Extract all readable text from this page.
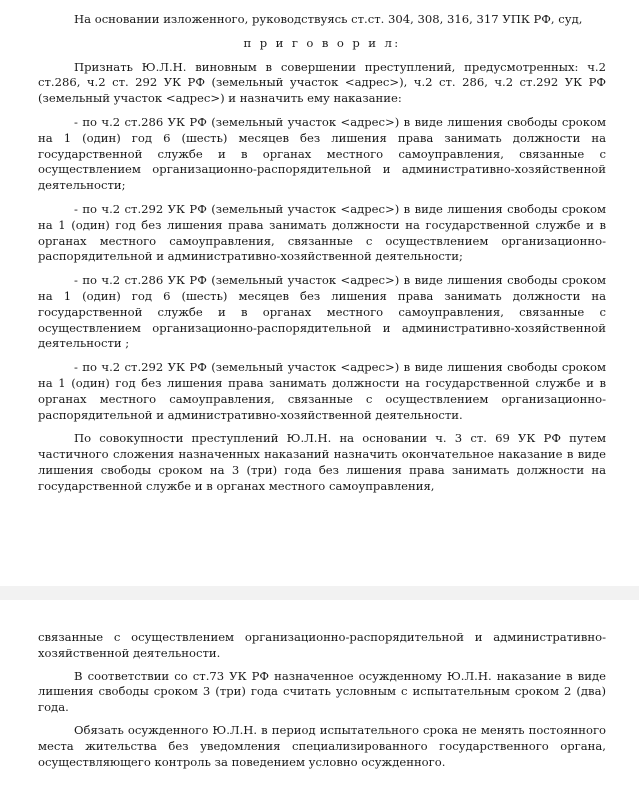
На основании изложенного, руководствуясь ст.ст. 304, 308, 316, 317 УПК РФ, суд,

п р и г о в о р и л:

Признать Ю.Л.Н. виновным в совершении преступлений, предусмотренных: ч.2 ст.286, ч.2 ст. 292 УК РФ (земельный участок <адрес>), ч.2 ст. 286, ч.2 ст.292 УК РФ (земельный участок <адрес>) и назначить ему наказание:

- по ч.2 ст.286 УК РФ (земельный участок <адрес>) в виде лишения свободы сроком на 1 (один) год 6 (шесть) месяцев без лишения права занимать должности на государственной службе и в органах местного самоуправления, связанные с осуществлением организационно-распорядительной и административно-хозяйственной деятельности;

- по ч.2 ст.292 УК РФ (земельный участок <адрес>) в виде лишения свободы сроком на 1 (один) год без лишения права занимать должности на государственной службе и в органах местного самоуправления, связанные с осуществлением организационно-распорядительной и административно-хозяйственной деятельности;

- по ч.2 ст.286 УК РФ (земельный участок <адрес>) в виде лишения свободы сроком на 1 (один) год 6 (шесть) месяцев без лишения права занимать должности на государственной службе и в органах местного самоуправления, связанные с осуществлением организационно-распорядительной и административно-хозяйственной деятельности ;

- по ч.2 ст.292 УК РФ (земельный участок <адрес>) в виде лишения свободы сроком на 1 (один) год без лишения права занимать должности на государственной службе и в органах местного самоуправления, связанные с осуществлением организационно-распорядительной и административно-хозяйственной деятельности.

По совокупности преступлений Ю.Л.Н. на основании ч. 3 ст. 69 УК РФ путем частичного сложения назначенных наказаний назначить окончательное наказание в виде лишения свободы сроком на 3 (три) года без лишения права занимать должности на государственной службе и в органах местного самоуправления,

связанные с осуществлением организационно-распорядительной и административно-хозяйственной деятельности.

В соответствии со ст.73 УК РФ назначенное осужденному Ю.Л.Н. наказание в виде лишения свободы сроком 3 (три) года считать условным с испытательным сроком 2 (два) года.

Обязать осужденного Ю.Л.Н. в период испытательного срока не менять постоянного места жительства без уведомления специализированного государственного органа, осуществляющего контроль за поведением условно осужденного.
